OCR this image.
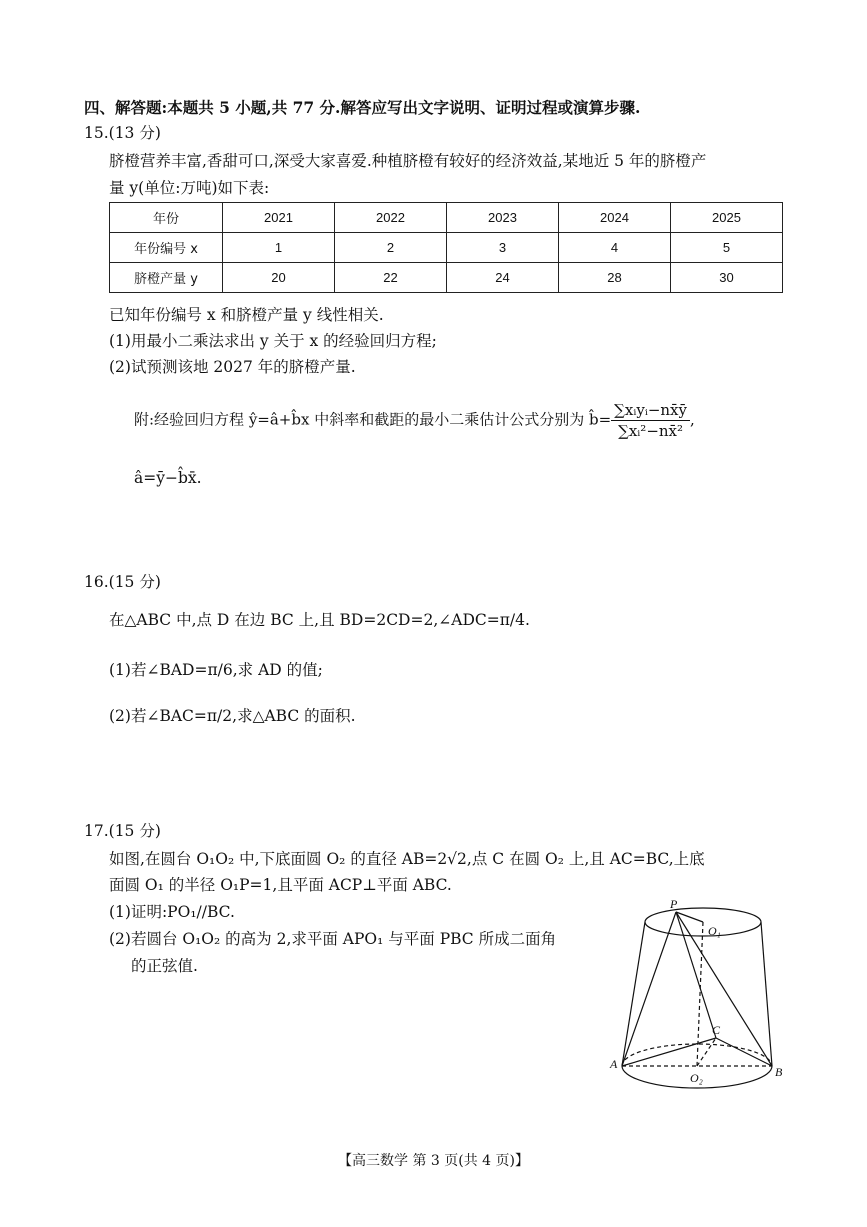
四、解答题:本题共 5 小题,共 77 分.解答应写出文字说明、证明过程或演算步骤.
15.(13 分)
脐橙营养丰富,香甜可口,深受大家喜爱.种植脐橙有较好的经济效益,某地近 5 年的脐橙产
量 y(单位:万吨)如下表:
年份	2021	2022	2023	2024	2025
年份编号 x	1	2	3	4	5
脐橙产量 y	20	22	24	28	30
已知年份编号 x 和脐橙产量 y 线性相关.
(1)用最小二乘法求出 y 关于 x 的经验回归方程;
(2)试预测该地 2027 年的脐橙产量.
附:经验回归方程 ŷ=â+b̂x 中斜率和截距的最小二乘估计公式分别为 b̂= $\frac{\text{∑xᵢyᵢ−nx̄ȳ}}{\text{∑xᵢ²−nx̄²}}$ ,
â=ȳ−b̂x̄.
16.(15 分)
在△ABC 中,点 D 在边 BC 上,且 BD=2CD=2,∠ADC=π/4.
(1)若∠BAD=π/6,求 AD 的值;
(2)若∠BAC=π/2,求△ABC 的面积.
17.(15 分)
如图,在圆台 O₁O₂ 中,下底面圆 O₂ 的直径 AB=2√2,点 C 在圆 O₂ 上,且 AC=BC,上底
面圆 O₁ 的半径 O₁P=1,且平面 ACP⊥平面 ABC.
(1)证明:PO₁//BC.
(2)若圆台 O₁O₂ 的高为 2,求平面 APO₁ 与平面 PBC 所成二面角
的正弦值.
P
O₁
C
A
O₂	B
【高三数学 第 3 页(共 4 页)】
